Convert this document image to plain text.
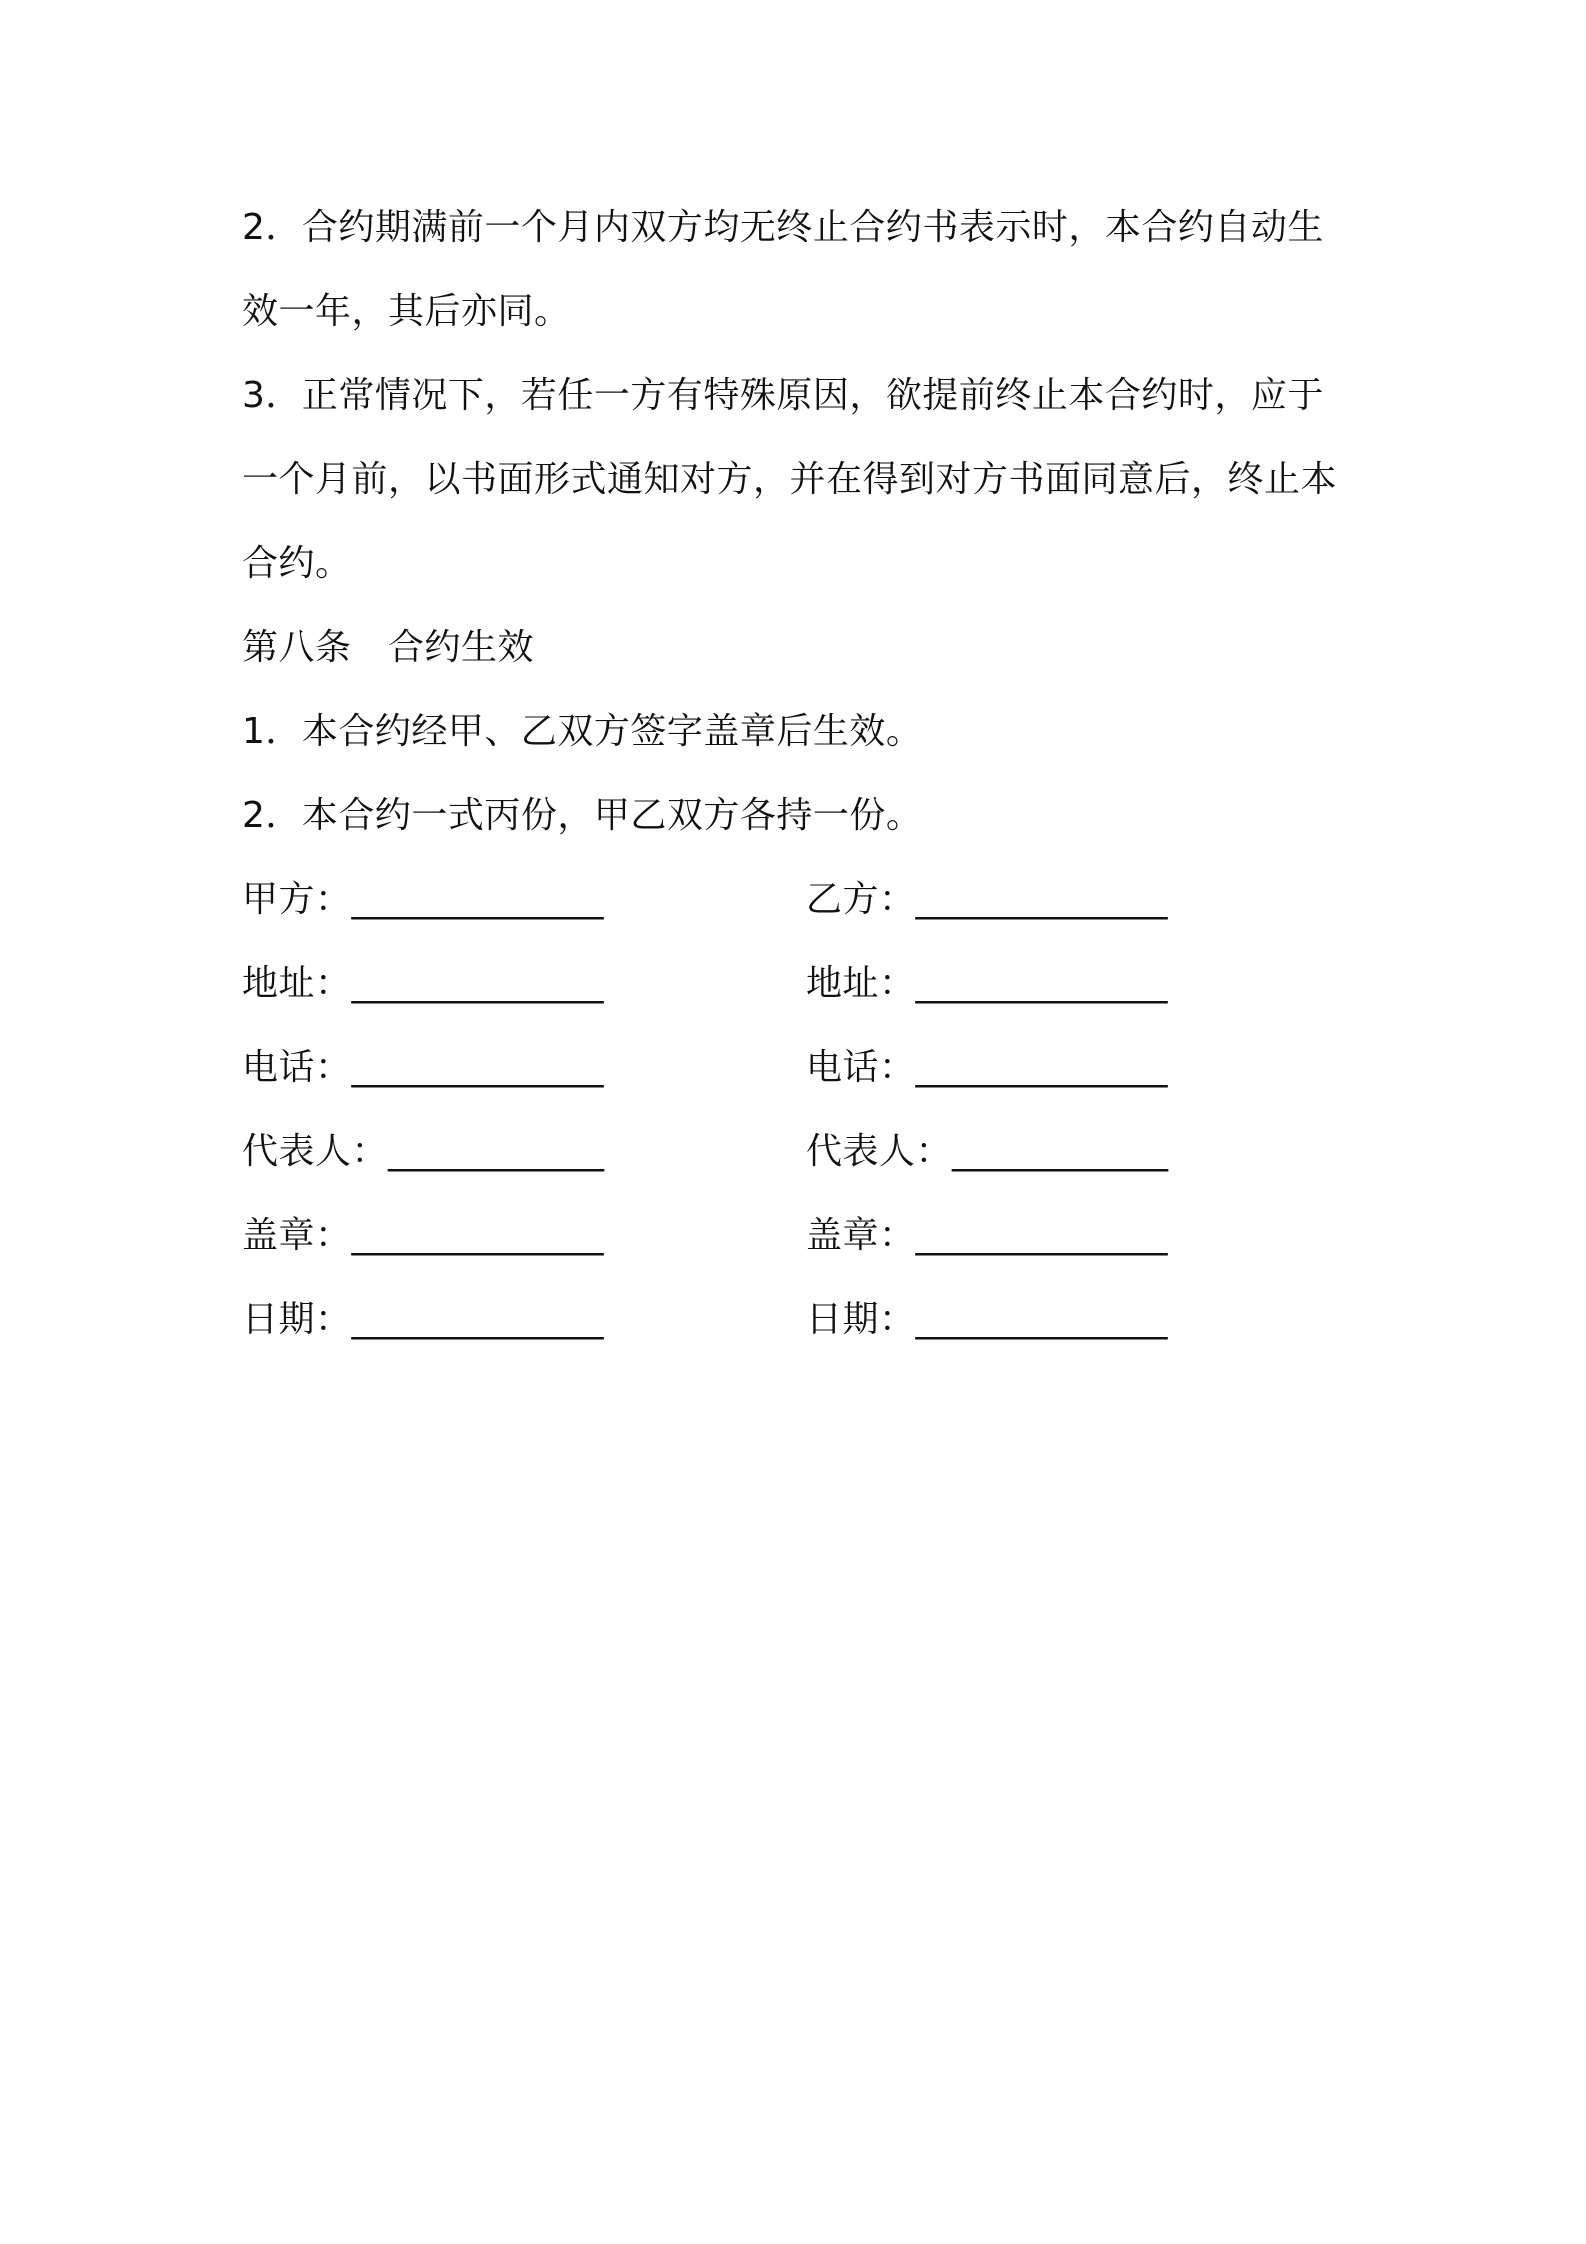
2．合约期满前一个月内双方均无终止合约书表示时，本合约自动生
效一年，其后亦同。
3．正常情况下，若任一方有特殊原因，欲提前终止本合约时，应于
一个月前，以书面形式通知对方，并在得到对方书面同意后，终止本
合约。
第八条　合约生效
1．本合约经甲、乙双方签字盖章后生效。
2．本合约一式丙份，甲乙双方各持一份。
甲方：______________	乙方：______________
地址：______________	地址：______________
电话：______________	电话：______________
代表人：____________	代表人：____________
盖章：______________	盖章：______________
日期：______________	日期：______________
